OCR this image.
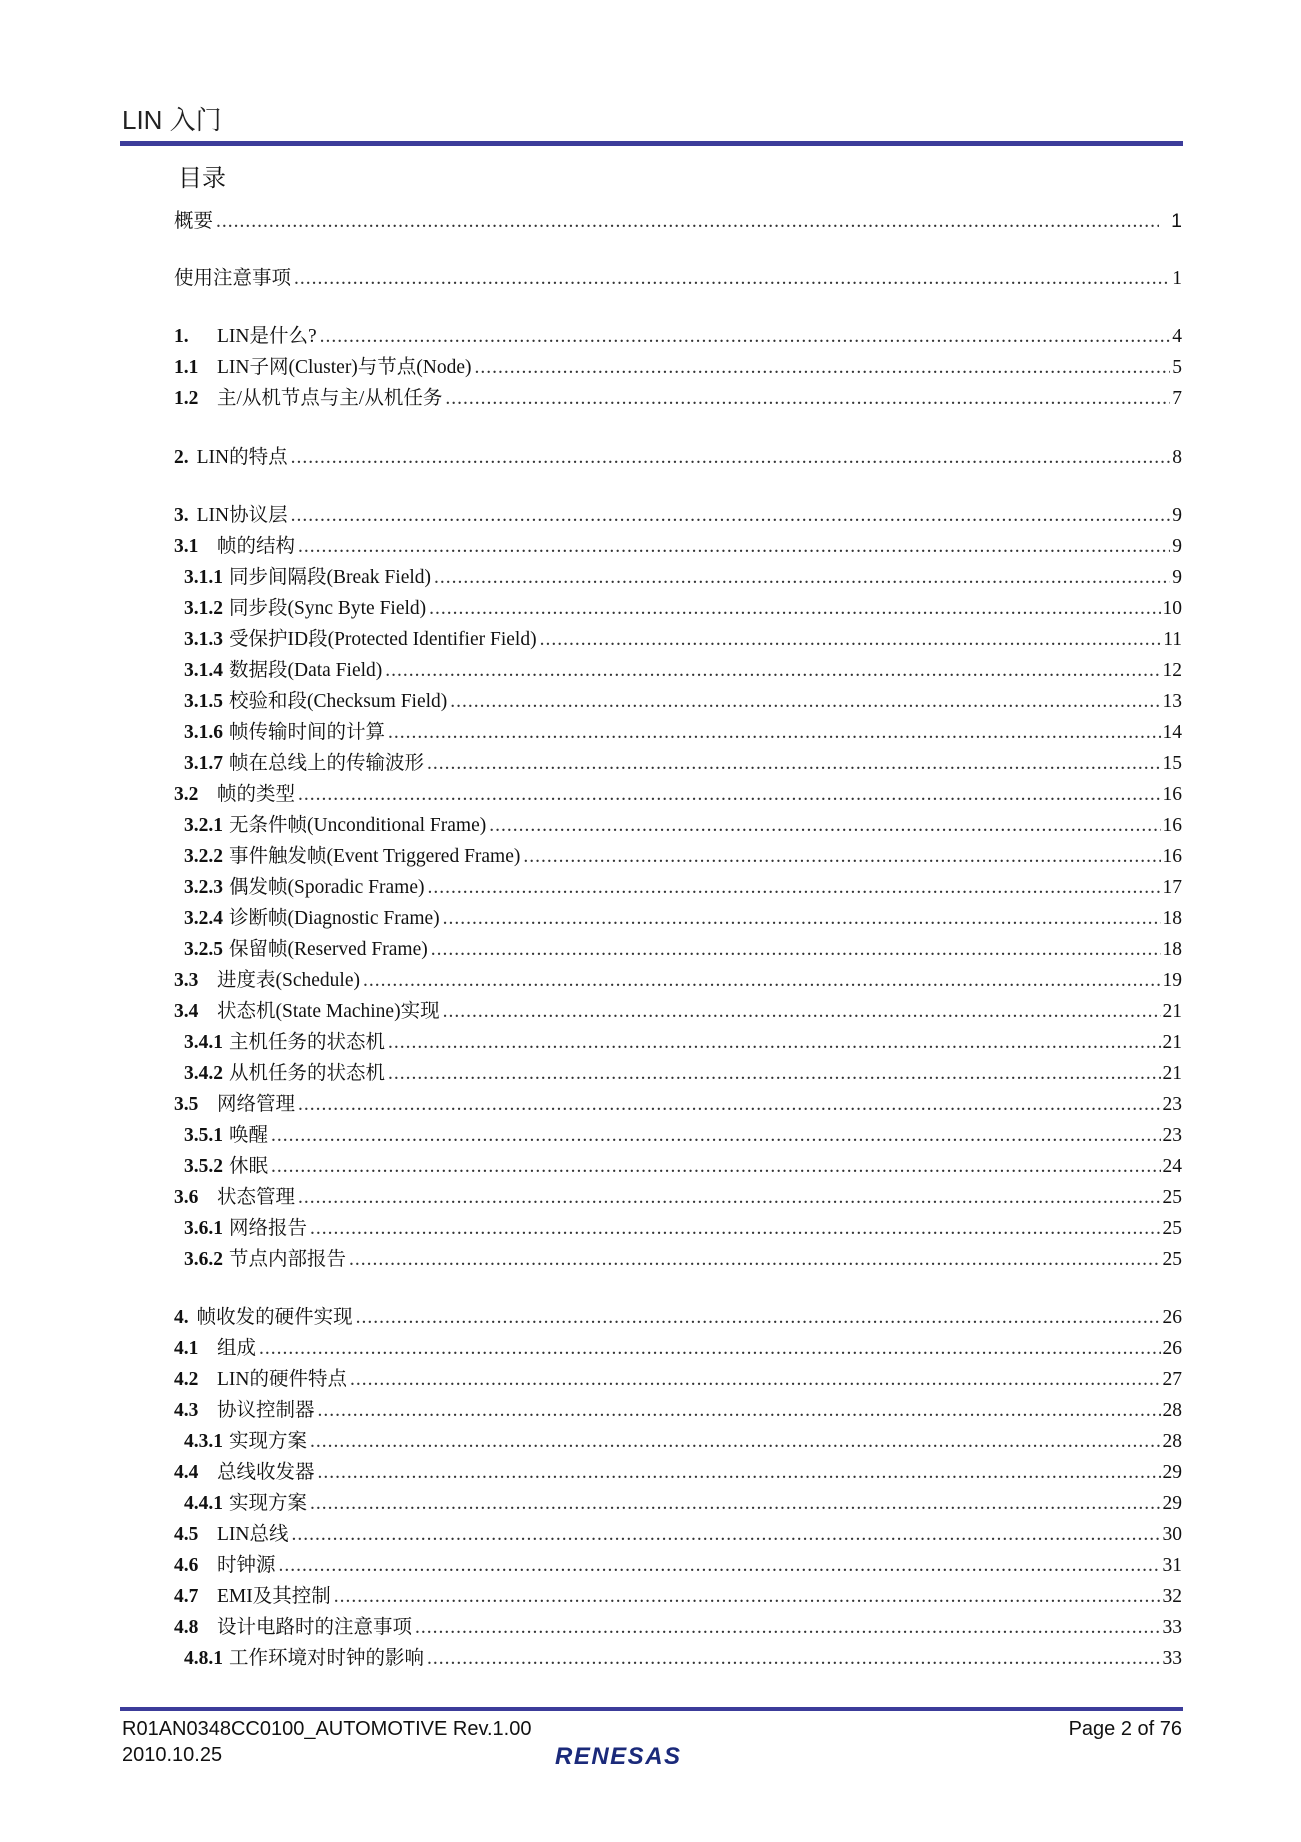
LIN 入门
目录
概要 .....	1
使用注意事项 .....	1
1.	LIN是什么? .....	4
1.1 LIN子网(Cluster)与节点(Node) .....	5
1.2 主/从机节点与主/从机任务 .....	7
2. LIN的特点 .....	8
3. LIN协议层 .....	9
3.1 帧的结构 .....	9
3.1.1 同步间隔段(Break Field) .....	9
3.1.2 同步段(Sync Byte Field) .....	10
3.1.3 受保护ID段(Protected Identifier Field) .....	11
3.1.4 数据段(Data Field) .....	12
3.1.5 校验和段(Checksum Field) .....	13
3.1.6 帧传输时间的计算 .....	14
3.1.7 帧在总线上的传输波形 .....	15
3.2 帧的类型 .....	16
3.2.1 无条件帧(Unconditional Frame) .....	16
3.2.2 事件触发帧(Event Triggered Frame) .....	16
3.2.3 偶发帧(Sporadic Frame) .....	17
3.2.4 诊断帧(Diagnostic Frame) .....	18
3.2.5 保留帧(Reserved Frame) .....	18
3.3 进度表(Schedule) .....	19
3.4 状态机(State Machine)实现 .....	21
3.4.1 主机任务的状态机 .....	21
3.4.2 从机任务的状态机 .....	21
3.5 网络管理 .....	23
3.5.1 唤醒 .....	23
3.5.2 休眠 .....	24
3.6 状态管理 .....	25
3.6.1 网络报告 .....	25
3.6.2 节点内部报告 .....	25
4. 帧收发的硬件实现 .....	26
4.1 组成 .....	26
4.2 LIN的硬件特点 .....	27
4.3 协议控制器 .....	28
4.3.1 实现方案 .....	28
4.4 总线收发器 .....	29
4.4.1 实现方案 .....	29
4.5 LIN总线 .....	30
4.6 时钟源 .....	31
4.7 EMI及其控制 .....	32
4.8 设计电路时的注意事项 .....	33
4.8.1 工作环境对时钟的影响 .....	33
R01AN0348CC0100_AUTOMOTIVE Rev.1.00
2010.10.25
Page 2 of 76
RENESAS
